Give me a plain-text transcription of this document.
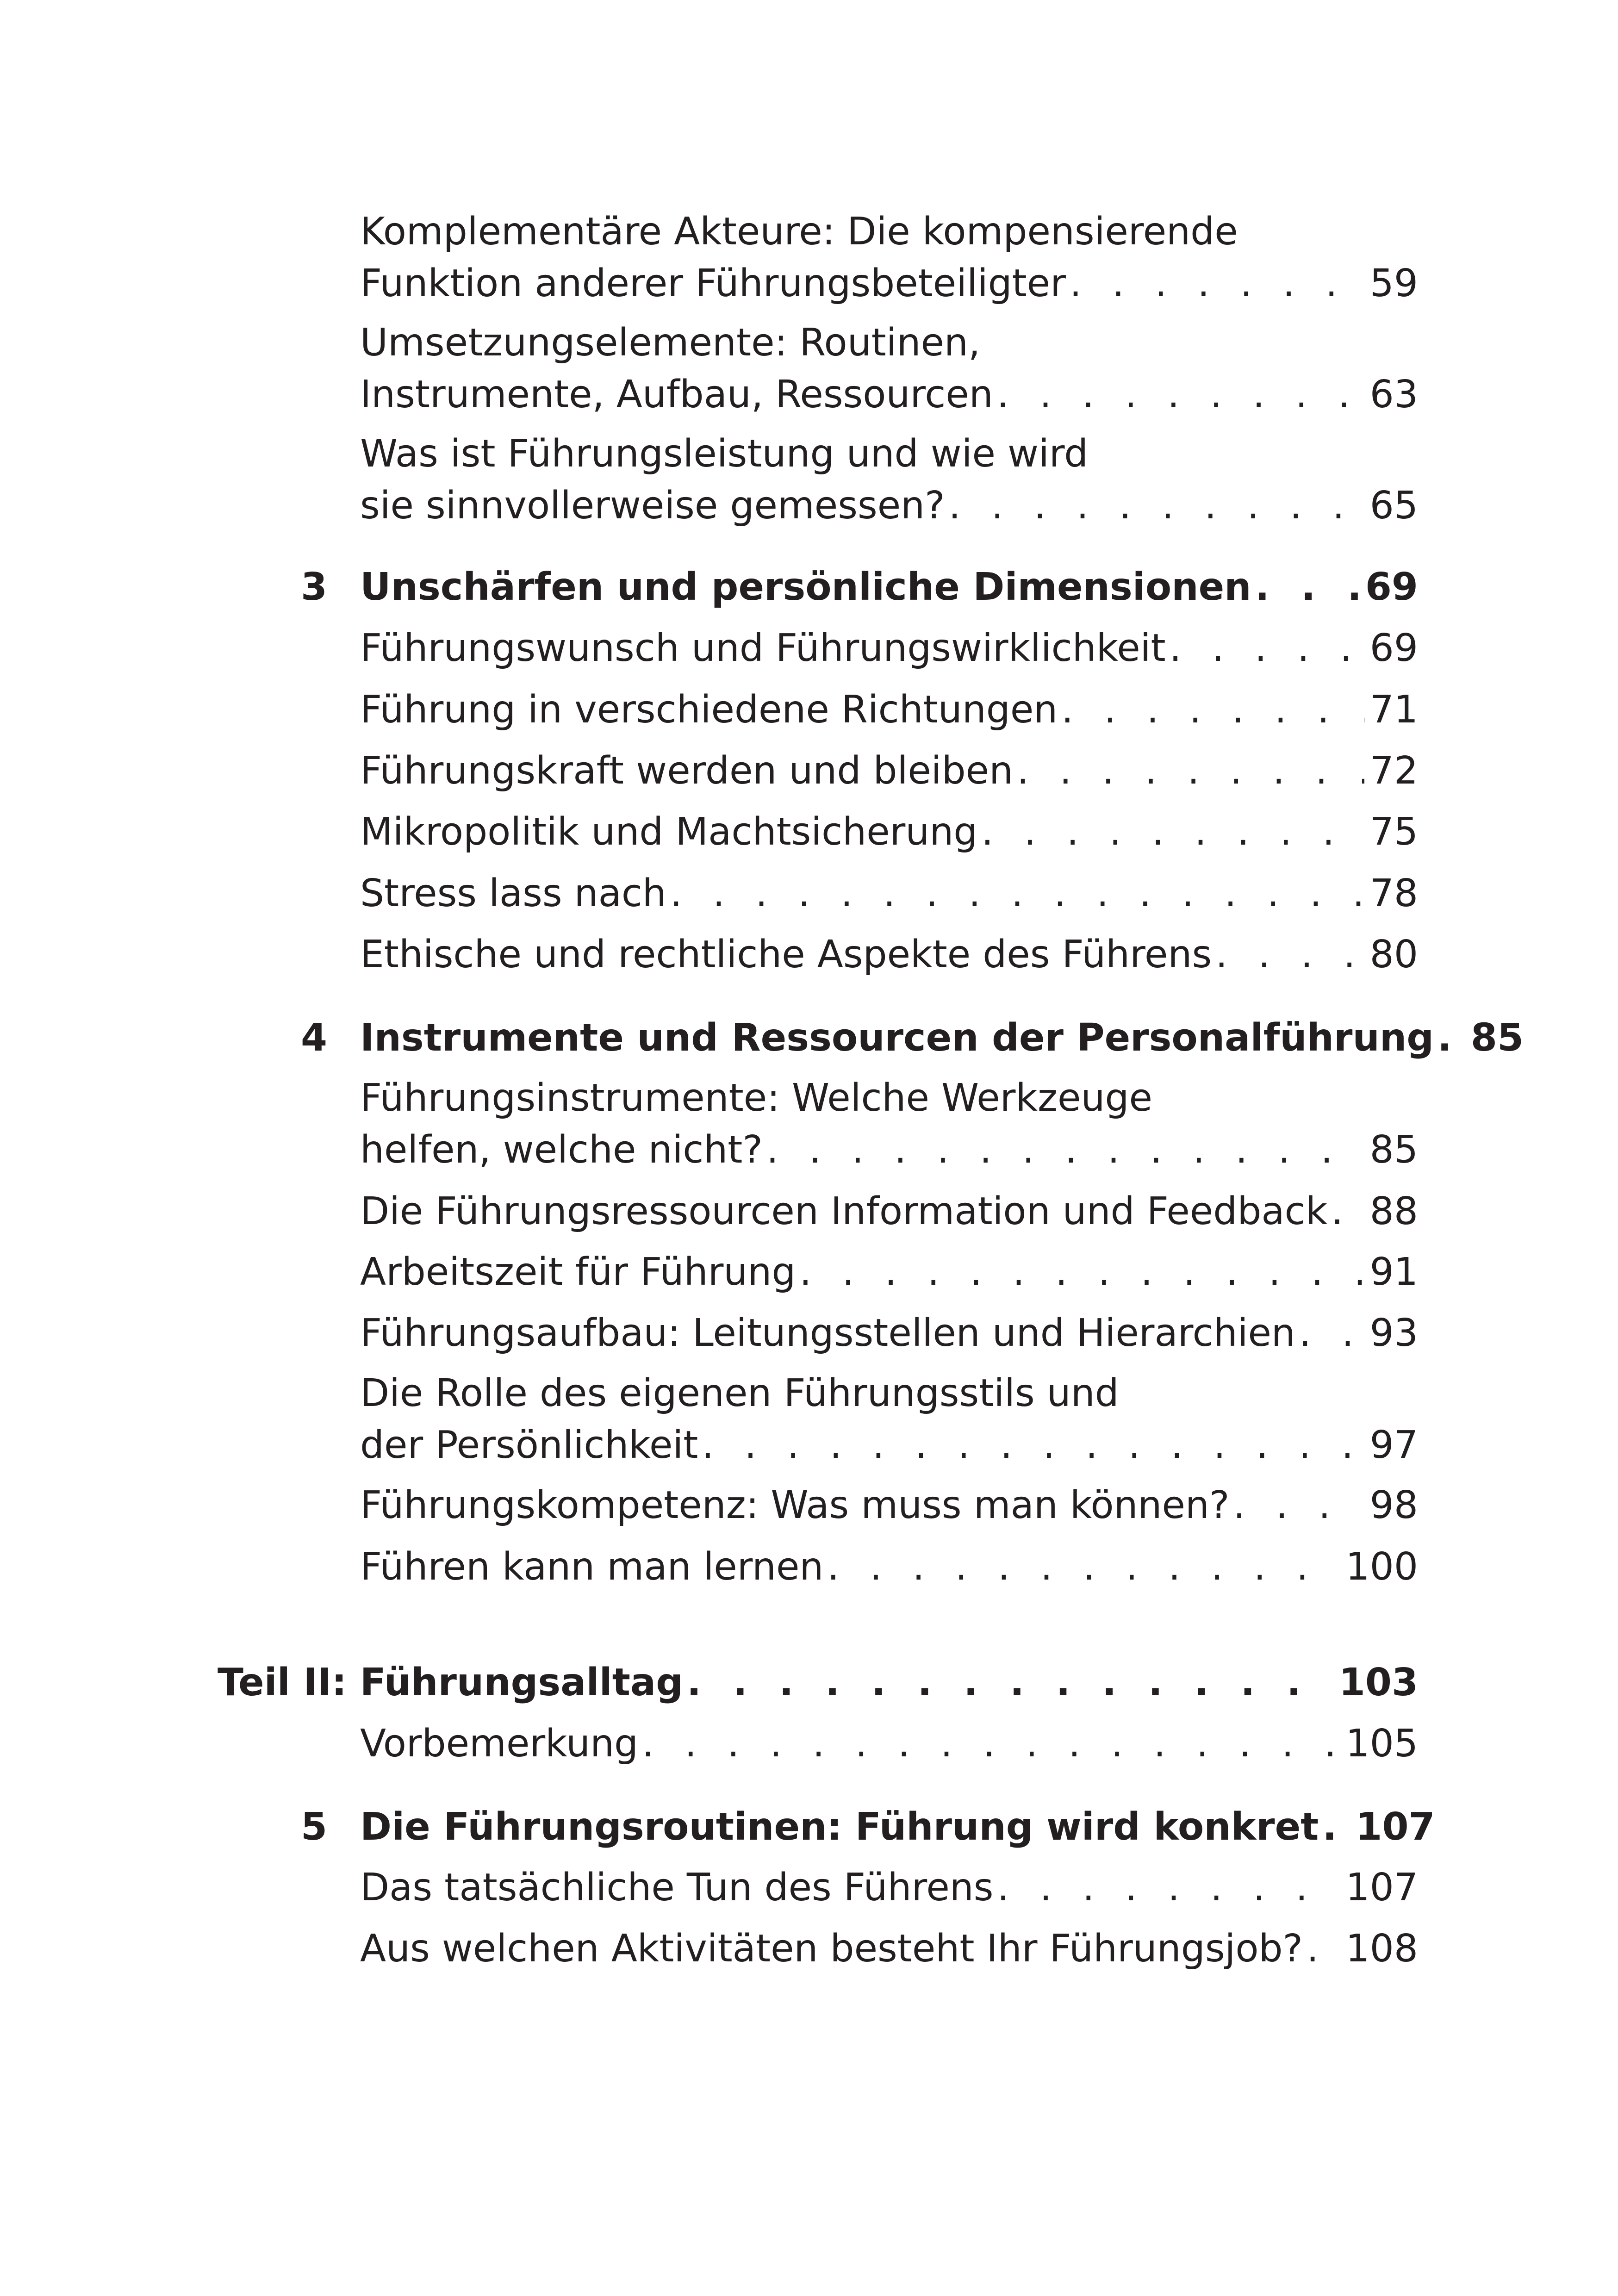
Komplementäre Akteure: Die kompensierende
Funktion anderer Führungsbeteiligter . . .	59
Umsetzungselemente: Routinen,
Instrumente, Aufbau, Ressourcen . . .	63
Was ist Führungsleistung und wie wird
sie sinnvollerweise gemessen? . . .	65
3 Unschärfen und persönliche Dimensionen . . .	69
Führungswunsch und Führungswirklichkeit . . .	69
Führung in verschiedene Richtungen . . .	71
Führungskraft werden und bleiben . . .	72
Mikropolitik und Machtsicherung . . .	75
Stress lass nach . . .	78
Ethische und rechtliche Aspekte des Führens . . .	80
4 Instrumente und Ressourcen der Personalführung . . . 85
Führungsinstrumente: Welche Werkzeuge
helfen, welche nicht? . . .	85
Die Führungsressourcen Information und Feedback . . . 88
Arbeitszeit für Führung . . .	91
Führungsaufbau: Leitungsstellen und Hierarchien . . . 93
Die Rolle des eigenen Führungsstils und
der Persönlichkeit . . .	97
Führungskompetenz: Was muss man können? . . .	98
Führen kann man lernen . . .	100
Teil II: Führungsalltag . . .	103
Vorbemerkung . . .	105
5 Die Führungsroutinen: Führung wird konkret . . . 107
Das tatsächliche Tun des Führens . . .	107
Aus welchen Aktivitäten besteht Ihr Führungsjob? . . . 108
